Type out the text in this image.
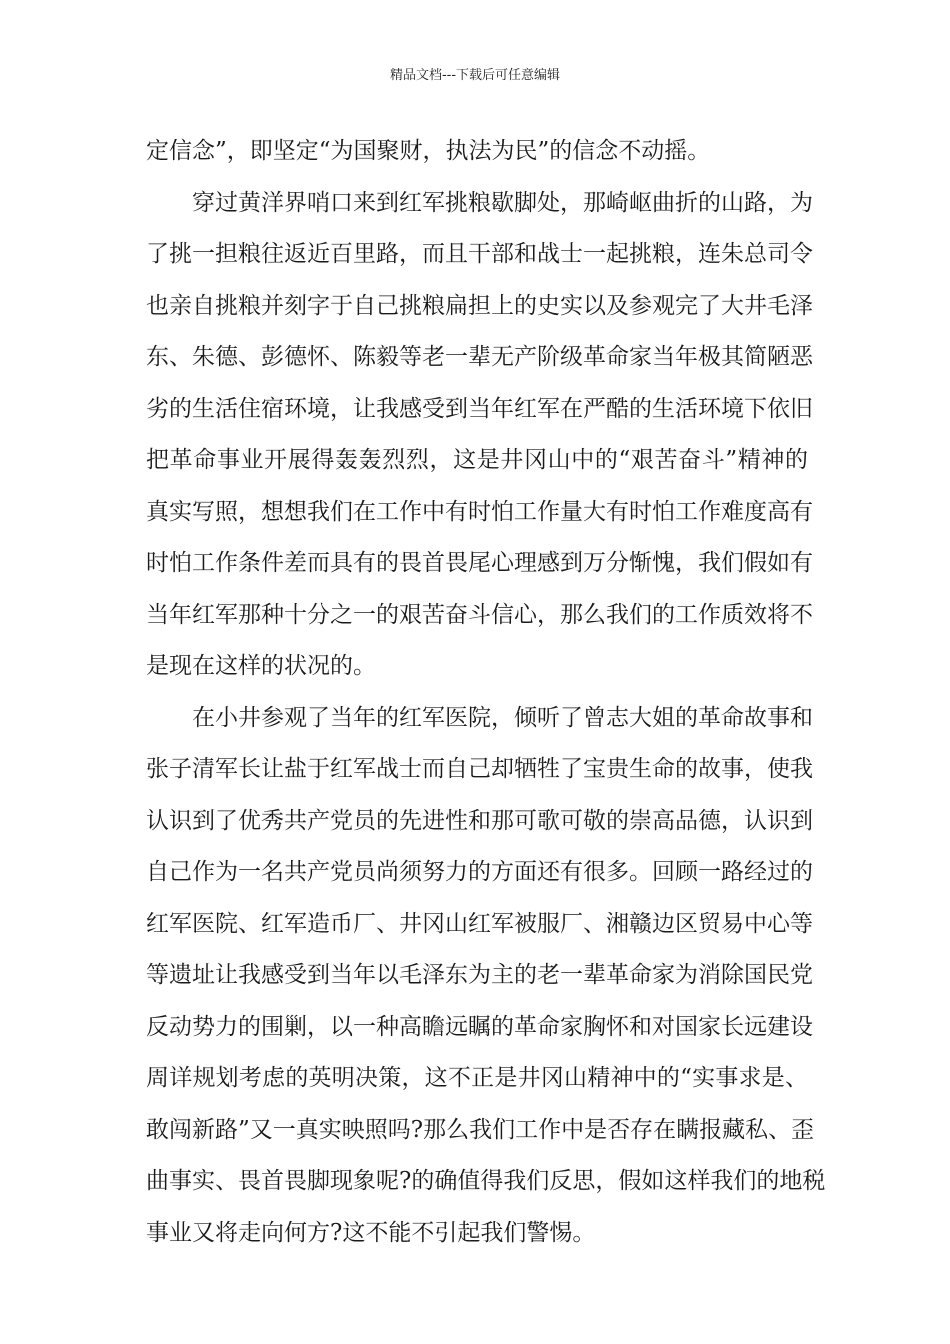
精品文档---下载后可任意编辑
定信念”，即坚定“为国聚财，执法为民”的信念不动摇。
穿过黄洋界哨口来到红军挑粮歇脚处，那崎岖曲折的山路，为
了挑一担粮往返近百里路，而且干部和战士一起挑粮，连朱总司令
也亲自挑粮并刻字于自己挑粮扁担上的史实以及参观完了大井毛泽
东、朱德、彭德怀、陈毅等老一辈无产阶级革命家当年极其简陋恶
劣的生活住宿环境，让我感受到当年红军在严酷的生活环境下依旧
把革命事业开展得轰轰烈烈，这是井冈山中的“艰苦奋斗”精神的
真实写照，想想我们在工作中有时怕工作量大有时怕工作难度高有
时怕工作条件差而具有的畏首畏尾心理感到万分惭愧，我们假如有
当年红军那种十分之一的艰苦奋斗信心，那么我们的工作质效将不
是现在这样的状况的。
在小井参观了当年的红军医院，倾听了曾志大姐的革命故事和
张子清军长让盐于红军战士而自己却牺牲了宝贵生命的故事，使我
认识到了优秀共产党员的先进性和那可歌可敬的崇高品德，认识到
自己作为一名共产党员尚须努力的方面还有很多。回顾一路经过的
红军医院、红军造币厂、井冈山红军被服厂、湘赣边区贸易中心等
等遗址让我感受到当年以毛泽东为主的老一辈革命家为消除国民党
反动势力的围剿，以一种高瞻远瞩的革命家胸怀和对国家长远建设
周详规划考虑的英明决策，这不正是井冈山精神中的“实事求是、
敢闯新路”又一真实映照吗?那么我们工作中是否存在瞒报藏私、歪
曲事实、畏首畏脚现象呢?的确值得我们反思，假如这样我们的地税
事业又将走向何方?这不能不引起我们警惕。
